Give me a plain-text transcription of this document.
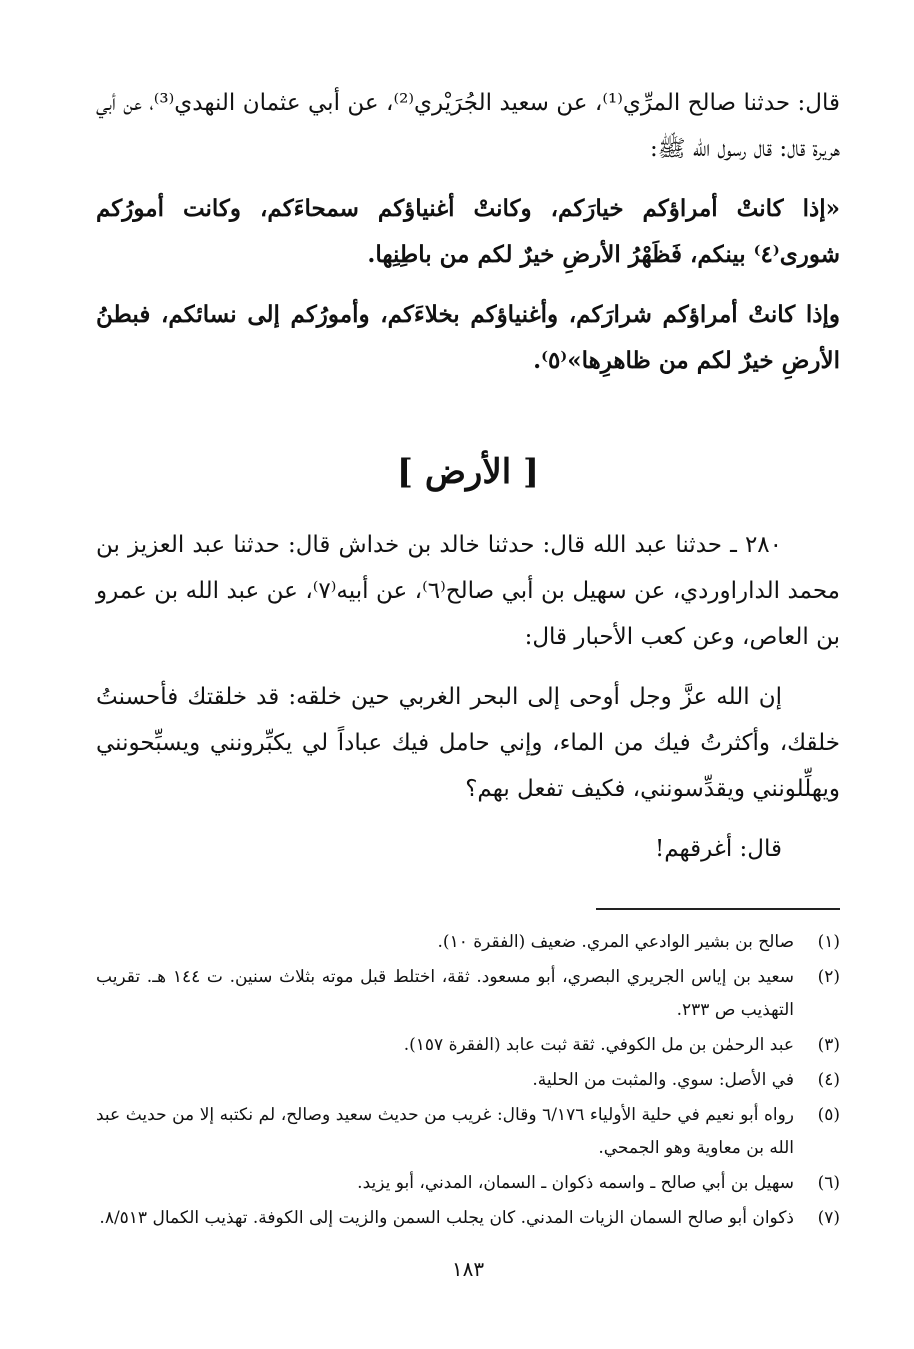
قال: حدثنا صالح المرِّي⁽¹⁾، عن سعيد الجُرَيْري⁽²⁾، عن أبي عثمان النهدي⁽³⁾، عن أبي هريرة قال: قال رسول الله ﷺ:

«إذا كانتْ أمراؤكم خيارَكم، وكانتْ أغنياؤكم سمحاءَكم، وكانت أمورُكم شورى⁽٤⁾ بينكم، فَظَهْرُ الأرضِ خيرٌ لكم من باطِنِها.

وإذا كانتْ أمراؤكم شرارَكم، وأغنياؤكم بخلاءَكم، وأمورُكم إلى نسائكم، فبطنُ الأرضِ خيرٌ لكم من ظاهرِها»⁽٥⁾.

[ الأرض ]

٢٨٠ ـ حدثنا عبد الله قال: حدثنا خالد بن خداش قال: حدثنا عبد العزيز بن محمد الداراوردي، عن سهيل بن أبي صالح⁽٦⁾، عن أبيه⁽٧⁾، عن عبد الله بن عمرو بن العاص، وعن كعب الأحبار قال:

إن الله عزَّ وجل أوحى إلى البحر الغربي حين خلقه: قد خلقتك فأحسنتُ خلقك، وأكثرتُ فيك من الماء، وإني حامل فيك عباداً لي يكبِّرونني ويسبِّحونني ويهلِّلونني ويقدِّسونني، فكيف تفعل بهم؟

قال: أغرقهم!

(١)
صالح بن بشير الوادعي المري. ضعيف (الفقرة ١٠).
(٢)
سعيد بن إياس الجريري البصري، أبو مسعود. ثقة، اختلط قبل موته بثلاث سنين. ت ١٤٤ هـ. تقريب التهذيب ص ٢٣٣.
(٣)
عبد الرحمٰن بن مل الكوفي. ثقة ثبت عابد (الفقرة ١٥٧).
(٤)
في الأصل: سوي. والمثبت من الحلية.
(٥)
رواه أبو نعيم في حلية الأولياء ٦/١٧٦ وقال: غريب من حديث سعيد وصالح، لم نكتبه إلا من حديث عبد الله بن معاوية وهو الجمحي.
(٦)
سهيل بن أبي صالح ـ واسمه ذكوان ـ السمان، المدني، أبو يزيد.
(٧)
ذكوان أبو صالح السمان الزيات المدني. كان يجلب السمن والزيت إلى الكوفة. تهذيب الكمال ٨/٥١٣.
١٨٣
